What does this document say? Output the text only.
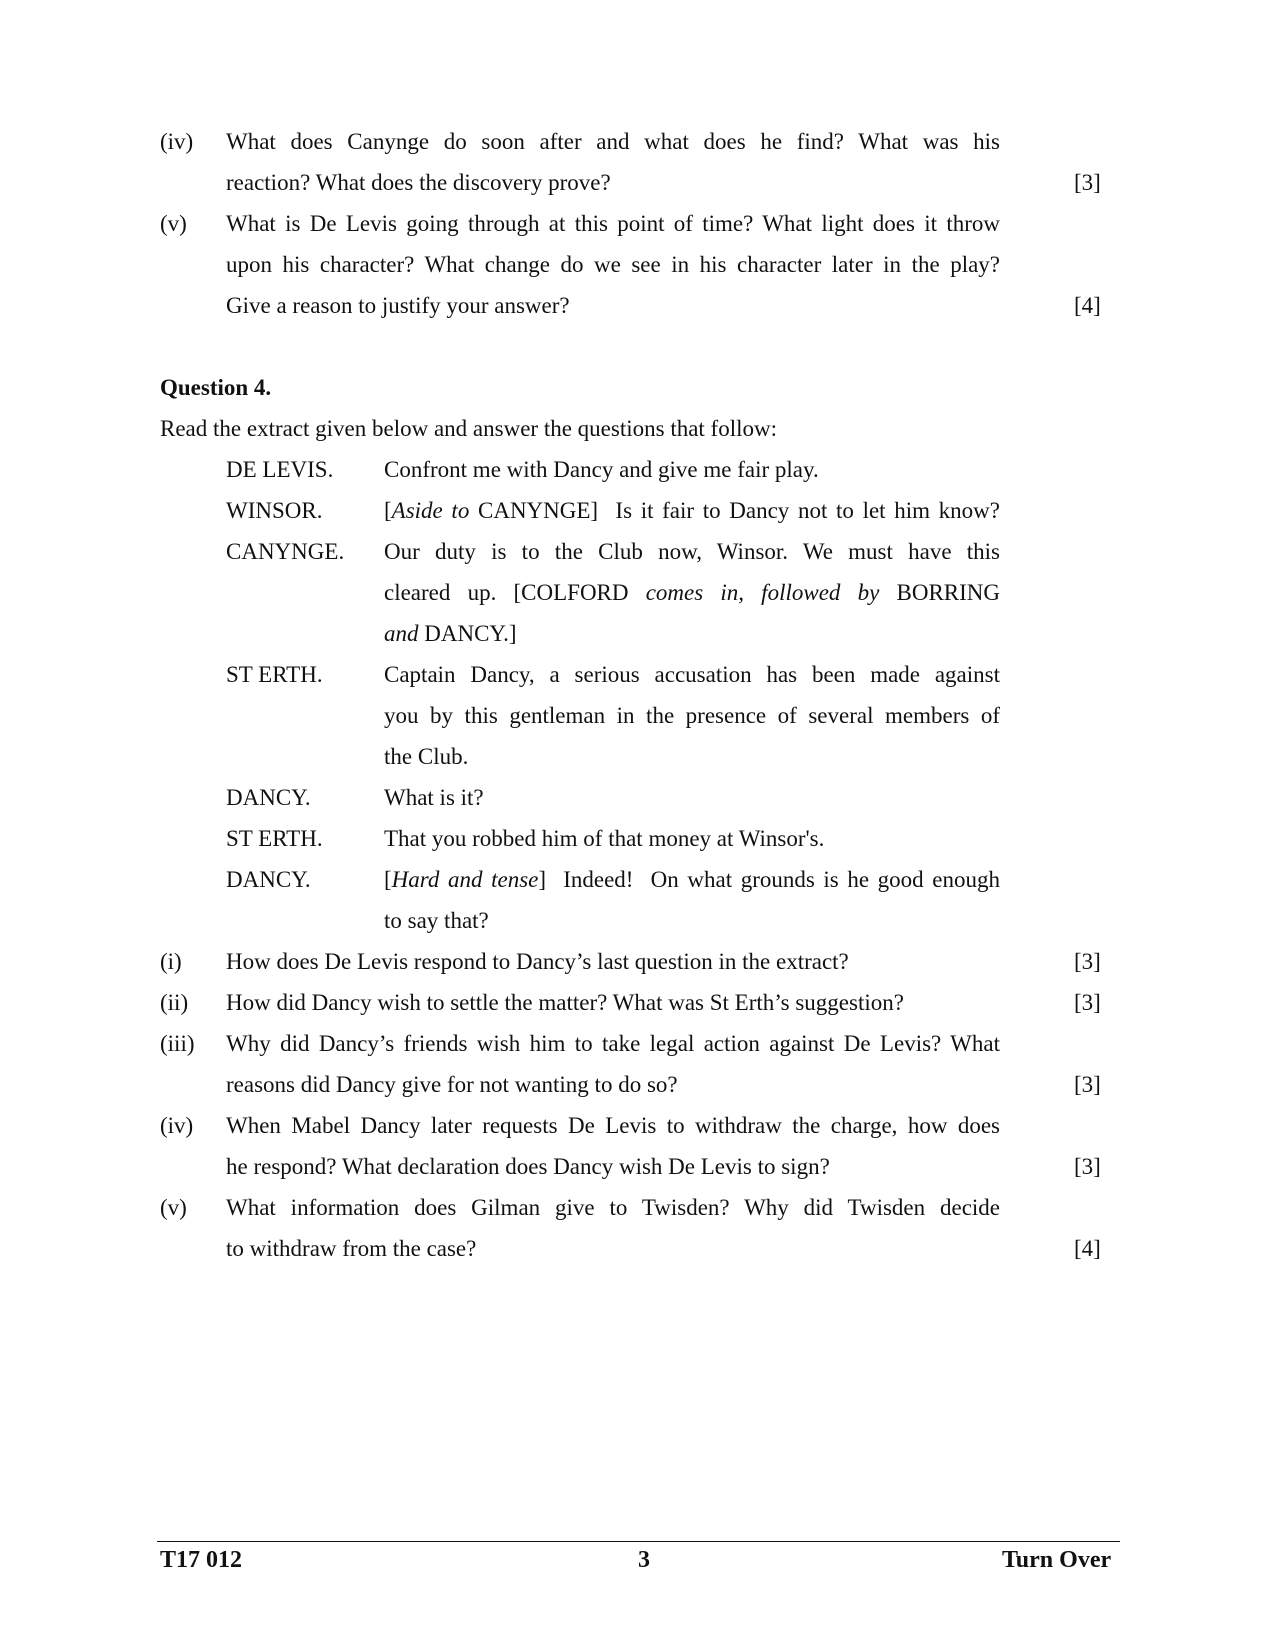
(iv) What does Canynge do soon after and what does he find? What was his
reaction? What does the discovery prove?	[3]
(v) What is De Levis going through at this point of time? What light does it throw
upon his character? What change do we see in his character later in the play?
Give a reason to justify your answer?	[4]
Question 4.
Read the extract given below and answer the questions that follow:
DE LEVIS. Confront me with Dancy and give me fair play.
WINSOR.	[Aside to CANYNGE]  Is it fair to Dancy not to let him know?
CANYNGE. Our duty is to the Club now, Winsor. We must have this
cleared up. [COLFORD comes in, followed by BORRING
and DANCY.]
ST ERTH.	Captain Dancy, a serious accusation has been made against
you by this gentleman in the presence of several members of
the Club.
DANCY.	What is it?
ST ERTH.	That you robbed him of that money at Winsor's.
DANCY.	[Hard and tense]  Indeed!  On what grounds is he good enough
to say that?
(i) How does De Levis respond to Dancy’s last question in the extract?	[3]
(ii) How did Dancy wish to settle the matter? What was St Erth’s suggestion?	[3]
(iii) Why did Dancy’s friends wish him to take legal action against De Levis? What
reasons did Dancy give for not wanting to do so?	[3]
(iv) When Mabel Dancy later requests De Levis to withdraw the charge, how does
he respond? What declaration does Dancy wish De Levis to sign?	[3]
(v) What information does Gilman give to Twisden? Why did Twisden decide
to withdraw from the case?	[4]
T17 012	3	Turn Over
